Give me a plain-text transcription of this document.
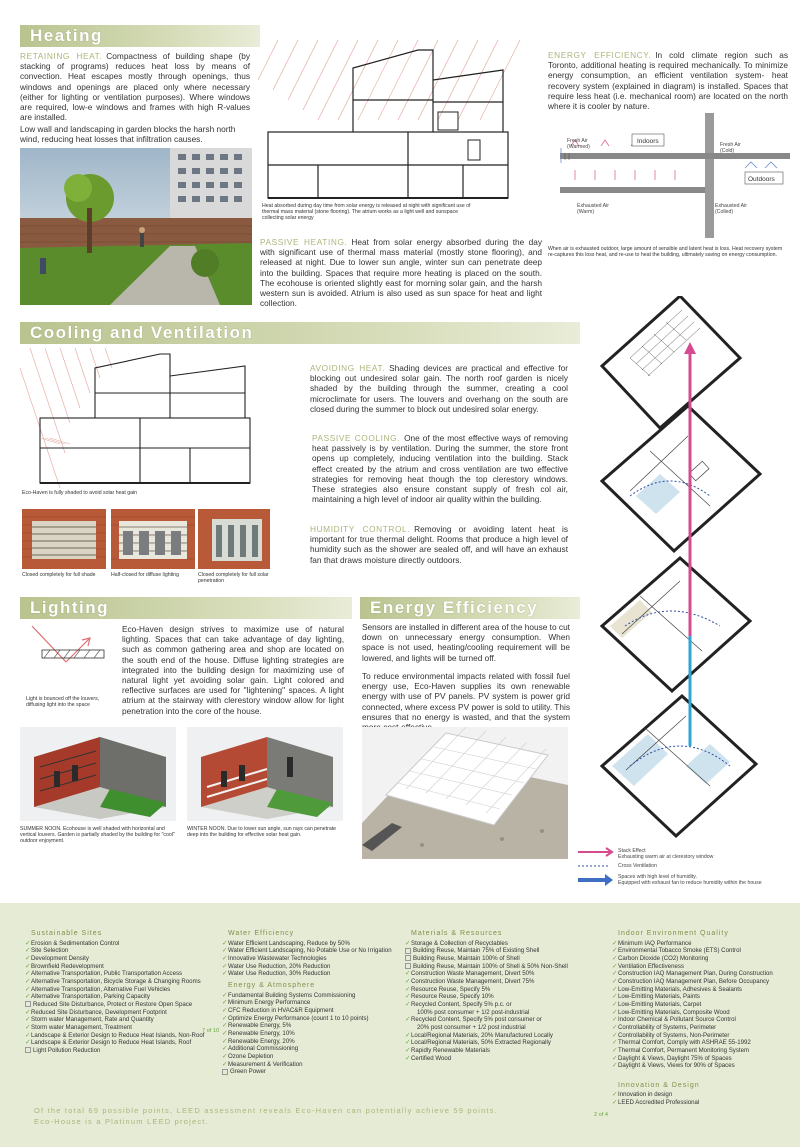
Heating

RETAINING HEAT. Compactness of building shape (by stacking of programs) reduces heat loss by means of convection. Heat escapes mostly through openings, thus windows and openings are placed only where necessary (either for lighting or ventilation purposes). Where windows are required, low-e windows and frames with high R-values are installed.

Low wall and landscaping in garden blocks the harsh north wind, reducing heat losses that infiltration causes.

Heat absorbed during day time from solar energy is released at night with significant use of thermal mass material (stone flooring). The atrium works as a light well and sunspace collecting solar energy

PASSIVE HEATING. Heat from solar energy absorbed during the day with significant use of thermal mass material (mostly stone flooring), and released at night. Due to lower sun angle, winter sun can penetrate deep into the building. Spaces that require more heating is placed on the south. The ecohouse is oriented slightly east for morning solar gain, and the harsh western sun is avoided. Atrium is also used as sun space for heat and light collection.

ENERGY EFFICIENCY. In cold climate region such as Toronto, additional heating is required mechanically. To minimize energy consumption, an efficient ventilation system- heat recovery system (explained in diagram) is installed. Spaces that require less heat (i.e. mechanical room) are located on the north where it is cooler by nature.

Indoors
Outdoors
Fresh Air
(Warmed)	Fresh Air
(Cold)
Exhausted Air
(Warm)
Exhausted Air
(Colled)

When air is exhausted outdoor, large amount of sensible and latent heat is loss. Heat recovery system re-captures this loss heat, and re-use to heat the building, ultimately saving on energy consumption.

Cooling and Ventilation

Eco-Haven is fully shaded to avoid solar heat gain

Closed completely for full shade	Half-closed for diffuse lighting	Closed completely for full solar penetration

AVOIDING HEAT. Shading devices are practical and effective for blocking out undesired solar gain. The north roof garden is nicely shaded by the building through the summer, creating a cool microclimate for users. The louvers and overhang on the south are closed during the summer to block out undesired solar energy.

PASSIVE COOLING. One of the most effective ways of removing heat passively is by ventilation. During the summer, the store front opens up completely, inducing ventilation into the building. Stack effect created by the atrium and cross ventilation are two effective strategies for removing heat though the top clerestory windows. These strategies also ensure constant supply of fresh col air, maintaining a high level of indoor air quality within the building.

HUMIDITY CONTROL. Removing or avoiding latent heat is important for true thermal delight. Rooms that produce a high level of humidity such as the shower are sealed off, and will have an exhaust fan that draws moisture directly outdoors.

Lighting

Light is bounced off the louvers, diffusing light into the space

Eco-Haven design strives to maximize use of natural lighting. Spaces that can take advantage of day lighting, such as common gathering area and shop are located on the south end of the house. Diffuse lighting strategies are integrated into the building design for maximizing use of natural light yet avoiding solar gain. Light colored and reflective surfaces are used for "lightening" spaces. A light atrium at the stairway with clerestory window allow for light penetration into the core of the house.

SUMMER NOON. Ecohouse is well shaded with horizontal and vertical louvers. Garden is partially shaded by the building for "cool" outdoor enjoyment.

WINTER NOON. Due to lower sun angle, sun rays can penetrate deep into the building for effective solar heat gain.

Energy Efficiency

Sensors are installed in different area of the house to cut down on unnecessary energy consumption. When space is not used, heating/cooling requirement will be lowered, and lights will be turned off.

To reduce environmental impacts related with fossil fuel energy use, Eco-Haven supplies its own renewable energy with use of PV panels. PV system is power grid connected, where excess PV power is sold to utility. This ensures that no energy is wasted, and that the system

Stack Effect
Exhausting warm air at clerestory window
Cross Ventilation
Spaces with high level of humidity.
Equipped with exhaust fan to reduce humidity within the house
Sustainable Sites
✓Erosion & Sedimentation Control
✓Site Selection
✓Development Density
✓Brownfield Redevelopment
✓Alternative Transportation, Public Transportation Access
✓Alternative Transportation, Bicycle Storage & Changing Rooms
✓Alternative Transportation, Alternative Fuel Vehicles
✓Alternative Transportation, Parking Capacity
Reduced Site Disturbance, Protect or Restore Open Space
✓Reduced Site Disturbance, Development Footprint
✓Storm water Management, Rate and Quantity
✓Storm water Management, Treatment
✓Landscape & Exterior Design to Reduce Heat Islands, Non-Roof
✓Landscape & Exterior Design to Reduce Heat Islands, Roof
Light Pollution Reduction
Water Efficiency
✓Water Efficient Landscaping, Reduce by 50%
✓Water Efficient Landscaping, No Potable Use or No Irrigation
✓Innovative Wastewater Technologies
✓Water Use Reduction, 20% Reduction
✓Water Use Reduction, 30% Reduction
Energy & Atmosphere
✓Fundamental Building Systems Commissioning
✓Minimum Energy Performance
✓CFC Reduction in HVAC&R Equipment
✓Optimize Energy Performance (count 1 to 10 points)
✓Renewable Energy, 5%
✓Renewable Energy, 10%
✓Renewable Energy, 20%
✓Additional Commissioning
✓Ozone Depletion
✓Measurement & Verification
Green Power
7 of 10
Materials & Resources
✓Storage & Collection of Recyclables
Building Reuse, Maintain 75% of Existing Shell
Building Reuse, Maintain 100% of Shell
Building Reuse, Maintain 100% of Shell & 50% Non-Shell
✓Construction Waste Management, Divert 50%
✓Construction Waste Management, Divert 75%
✓Resource Reuse, Specify 5%
✓Resource Reuse, Specify 10%
✓Recycled Content, Specify 5% p.c. or
100% post consumer + 1/2 post-industrial
✓Recycled Content, Specify 5% post consumer or
20% post consumer + 1/2 post industrial
✓Local/Regional Materials, 20% Manufactured Locally
✓Local/Regional Materials, 50% Extracted Regionally
✓Rapidly Renewable Materials
✓Certified Wood
Indoor Environment Quality
✓Minimum IAQ Performance
✓Environmental Tobacco Smoke (ETS) Control
✓Carbon Dioxide (CO2) Monitoring
✓Ventilation Effectiveness
✓Construction IAQ Management Plan, During Construction
✓Construction IAQ Management Plan, Before Occupancy
✓Low-Emitting Materials, Adhesives & Sealants
✓Low-Emitting Materials, Paints
✓Low-Emitting Materials, Carpet
✓Low-Emitting Materials, Composite Wood
✓Indoor Chemical & Pollutant Source Control
✓Controllability of Systems, Perimeter
✓Controllability of Systems, Non-Perimeter
✓Thermal Comfort, Comply with ASHRAE 55-1992
✓Thermal Comfort, Permanent Monitoring System
✓Daylight & Views, Daylight 75% of Spaces
✓Daylight & Views, Views for 90% of Spaces
Innovation & Design
✓Innovation in design
✓LEED Accredited Professional
2 of 4
Of the total 69 possible points, LEED assessment reveals Eco-Haven can potentially achieve 59 points.
Eco-House is a Platinum LEED project.
